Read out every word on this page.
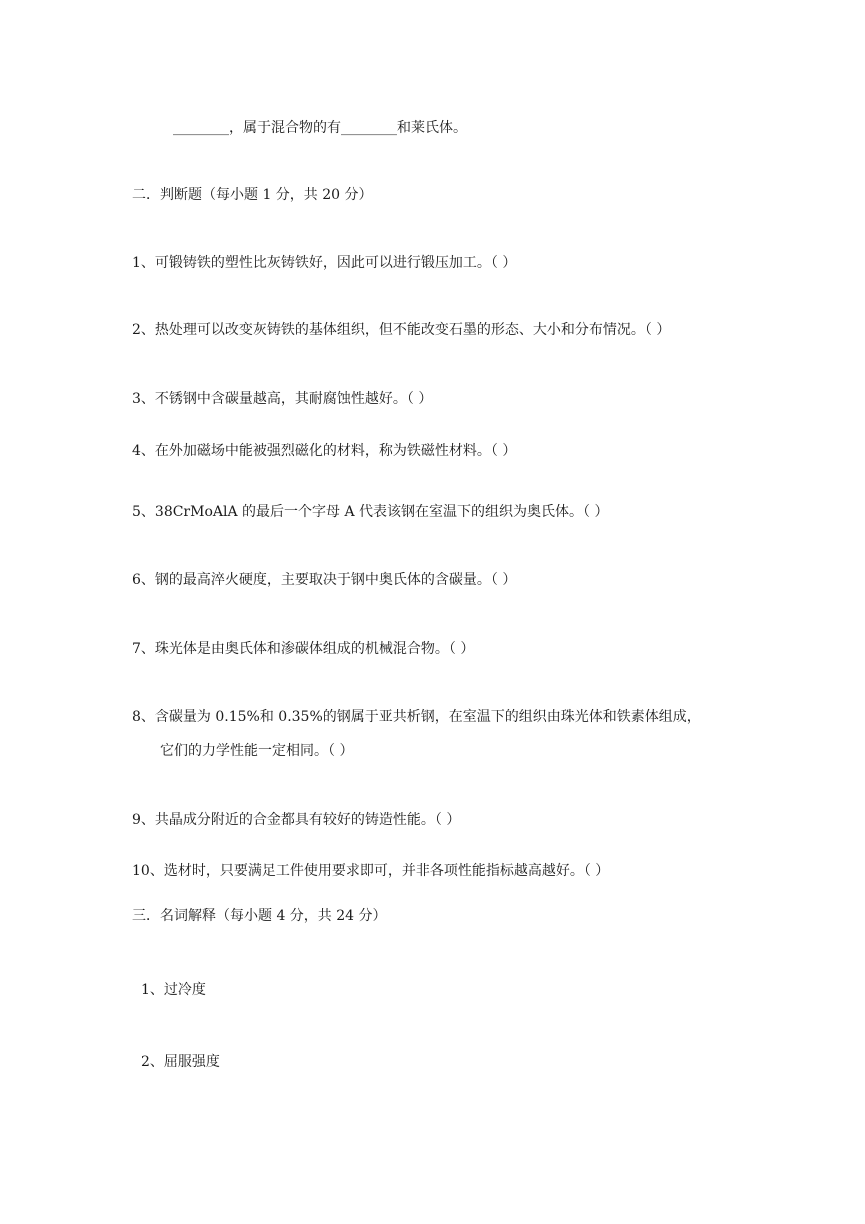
________，属于混合物的有________和莱氏体。
二．判断题（每小题 1 分，共 20 分）
1、可锻铸铁的塑性比灰铸铁好，因此可以进行锻压加工。（ ）
2、热处理可以改变灰铸铁的基体组织，但不能改变石墨的形态、大小和分布情况。（ ）
3、不锈钢中含碳量越高，其耐腐蚀性越好。（ ）
4、在外加磁场中能被强烈磁化的材料，称为铁磁性材料。（ ）
5、38CrMoAlA 的最后一个字母 A 代表该钢在室温下的组织为奥氏体。（ ）
6、钢的最高淬火硬度，主要取决于钢中奥氏体的含碳量。（ ）
7、珠光体是由奥氏体和渗碳体组成的机械混合物。（ ）
8、含碳量为 0.15%和 0.35%的钢属于亚共析钢，在室温下的组织由珠光体和铁素体组成，
它们的力学性能一定相同。（ ）
9、共晶成分附近的合金都具有较好的铸造性能。（ ）
10、选材时，只要满足工件使用要求即可，并非各项性能指标越高越好。（ ）
三．名词解释（每小题 4 分，共 24 分）
1、过冷度
2、屈服强度
